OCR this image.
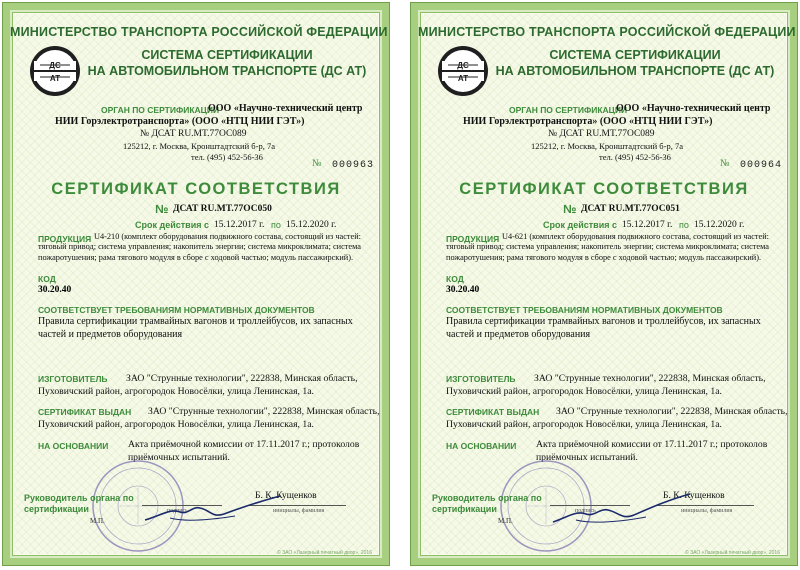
МИНИСТЕРСТВО ТРАНСПОРТА РОССИЙСКОЙ ФЕДЕРАЦИИ
ДС
АТ
СИСТЕМА СЕРТИФИКАЦИИ
НА АВТОМОБИЛЬНОМ ТРАНСПОРТЕ (ДС АТ)
ОРГАН ПО СЕРТИФИКАЦИИ
ООО «Научно-технический центр
НИИ Горэлектротранспорта» (ООО «НТЦ НИИ ГЭТ»)
№ ДСАТ RU.MT.77ОС089
125212, г. Москва, Кронштадтский б-р, 7а
тел. (495) 452-56-36
№ 000963
СЕРТИФИКАТ СООТВЕТСТВИЯ
№ ДСАТ RU.MT.77ОС050
Срок действия с 15.12.2017 г. по 15.12.2020 г.
ПРОДУКЦИЯ U4-210 (комплект оборудования подвижного состава, состоящий из частей: тяговый привод; система управления; накопитель энергии; система микроклимата; система пожаротушения; рама тягового модуля в сборе с ходовой частью; модуль пассажирский).
КОД
30.20.40
СООТВЕТСТВУЕТ ТРЕБОВАНИЯМ НОРМАТИВНЫХ ДОКУМЕНТОВ
Правила сертификации трамвайных вагонов и троллейбусов, их запасных частей и предметов оборудования
ИЗГОТОВИТЕЛЬ	ЗАО "Струнные технологии", 222838, Минская область, Пуховичский район, агрогородок Новосёлки, улица Ленинская, 1а.
СЕРТИФИКАТ ВЫДАН	ЗАО "Струнные технологии", 222838, Минская область, Пуховичский район, агрогородок Новосёлки, улица Ленинская, 1а.
НА ОСНОВАНИИ Акта приёмочной комиссии от 17.11.2017 г.; протоколов приёмочных испытаний.
Руководитель органа по сертификации
М.П.
подпись	инициалы, фамилия
Б. К. Кущенков
© ЗАО «Лазерный печатный двор», 2016
МИНИСТЕРСТВО ТРАНСПОРТА РОССИЙСКОЙ ФЕДЕРАЦИИ
ДС
АТ
СИСТЕМА СЕРТИФИКАЦИИ
НА АВТОМОБИЛЬНОМ ТРАНСПОРТЕ (ДС АТ)
ОРГАН ПО СЕРТИФИКАЦИИ
ООО «Научно-технический центр
НИИ Горэлектротранспорта» (ООО «НТЦ НИИ ГЭТ»)
№ ДСАТ RU.MT.77ОС089
125212, г. Москва, Кронштадтский б-р, 7а
тел. (495) 452-56-36
№ 000964
СЕРТИФИКАТ СООТВЕТСТВИЯ
№ ДСАТ RU.MT.77ОС051
Срок действия с 15.12.2017 г. по 15.12.2020 г.
ПРОДУКЦИЯ U4-621 (комплект оборудования подвижного состава, состоящий из частей: тяговый привод; система управления; накопитель энергии; система микроклимата; система пожаротушения; рама тягового модуля в сборе с ходовой частью; модуль пассажирский).
КОД
30.20.40
СООТВЕТСТВУЕТ ТРЕБОВАНИЯМ НОРМАТИВНЫХ ДОКУМЕНТОВ
Правила сертификации трамвайных вагонов и троллейбусов, их запасных частей и предметов оборудования
ИЗГОТОВИТЕЛЬ	ЗАО "Струнные технологии", 222838, Минская область, Пуховичский район, агрогородок Новосёлки, улица Ленинская, 1а.
СЕРТИФИКАТ ВЫДАН	ЗАО "Струнные технологии", 222838, Минская область, Пуховичский район, агрогородок Новосёлки, улица Ленинская, 1а.
НА ОСНОВАНИИ Акта приёмочной комиссии от 17.11.2017 г.; протоколов приёмочных испытаний.
Руководитель органа по сертификации
М.П.
подпись	инициалы, фамилия
Б. К. Кущенков
© ЗАО «Лазерный печатный двор», 2016
